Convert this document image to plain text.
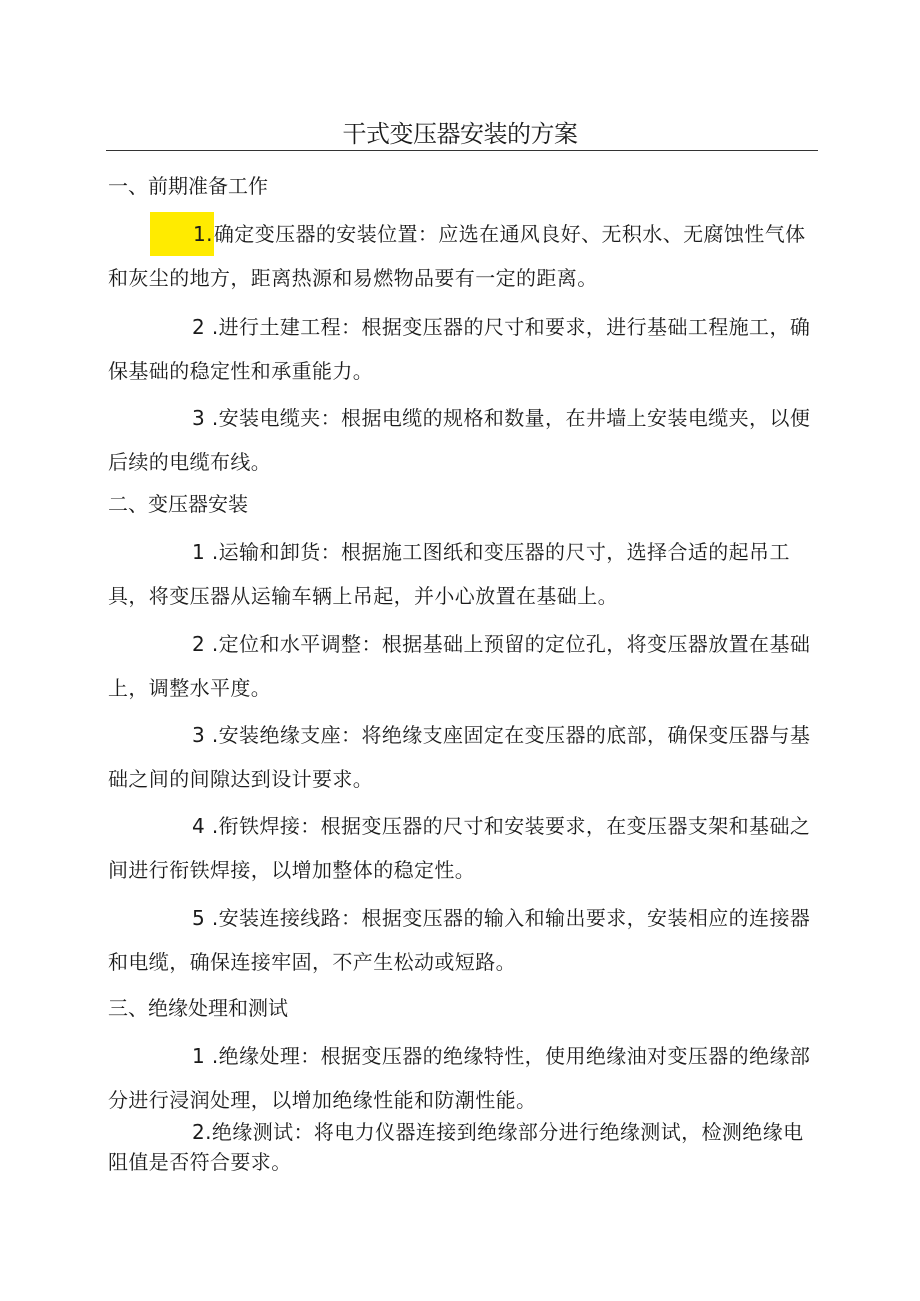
干式变压器安装的方案
一、前期准备工作

1.确定变压器的安装位置：应选在通风良好、无积水、无腐蚀性气体和灰尘的地方，距离热源和易燃物品要有一定的距离。

2 .进行土建工程：根据变压器的尺寸和要求，进行基础工程施工，确保基础的稳定性和承重能力。

3 .安装电缆夹：根据电缆的规格和数量，在井墙上安装电缆夹，以便后续的电缆布线。

二、变压器安装

1 .运输和卸货：根据施工图纸和变压器的尺寸，选择合适的起吊工具，将变压器从运输车辆上吊起，并小心放置在基础上。

2 .定位和水平调整：根据基础上预留的定位孔，将变压器放置在基础上，调整水平度。

3 .安装绝缘支座：将绝缘支座固定在变压器的底部，确保变压器与基础之间的间隙达到设计要求。

4 .衔铁焊接：根据变压器的尺寸和安装要求，在变压器支架和基础之间进行衔铁焊接，以增加整体的稳定性。

5 .安装连接线路：根据变压器的输入和输出要求，安装相应的连接器和电缆，确保连接牢固，不产生松动或短路。

三、绝缘处理和测试

1 .绝缘处理：根据变压器的绝缘特性，使用绝缘油对变压器的绝缘部分进行浸润处理，以增加绝缘性能和防潮性能。

2.绝缘测试：将电力仪器连接到绝缘部分进行绝缘测试，检测绝缘电阻值是否符合要求。
